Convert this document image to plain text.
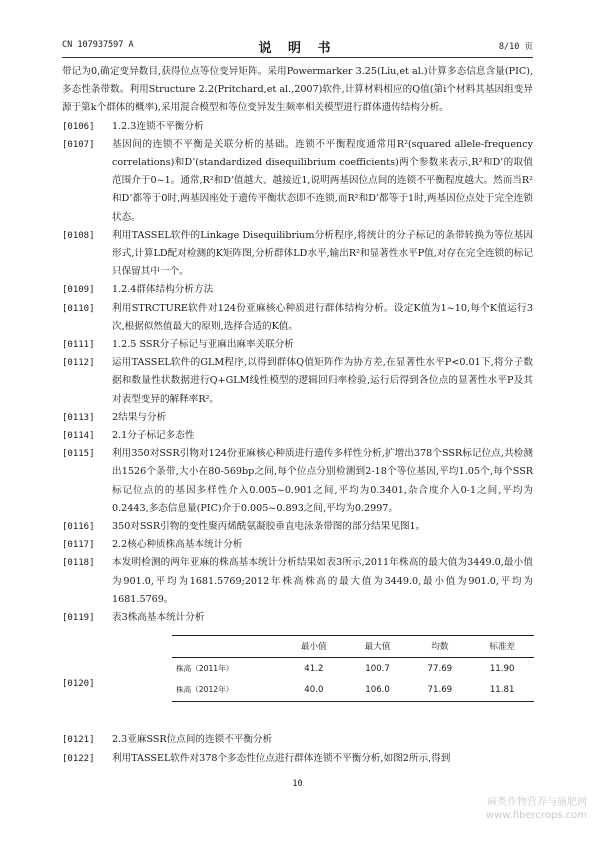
CN 107937597 A	说 明 书	8/10 页
带记为0,确定变异数目,获得位点等位变异矩阵。采用Powermarker 3.25(Liu,et al.)计算多态信息含量(PIC),多态性条带数。利用Structure 2.2(Pritchard,et al.,2007)软件,计算材料相应的Q值(第i个材料其基因组变异源于第k个群体的概率),采用混合模型和等位变异发生频率相关模型进行群体遗传结构分析。
[0106] 1.2.3连锁不平衡分析
[0107] 基因间的连锁不平衡是关联分析的基础。连锁不平衡程度通常用R²(squared allele-frequency correlations)和D’(standardized disequilibrium coefficients)两个参数来表示,R²和D’的取值范围介于0~1。通常,R²和D’值越大、越接近1,说明两基因位点间的连锁不平衡程度越大。然而当R²和D’都等于0时,两基因座处于遗传平衡状态即不连锁,而R²和D’都等于1时,两基因位点处于完全连锁状态。
[0108] 利用TASSEL软件的Linkage Disequilibrium分析程序,将统计的分子标记的条带转换为等位基因形式,计算LD配对检测的K矩阵图,分析群体LD水平,输出R²和显著性水平P值,对存在完全连锁的标记只保留其中一个。
[0109] 1.2.4群体结构分析方法
[0110] 利用STRCTURE软件对124份亚麻核心种质进行群体结构分析。设定K值为1~10,每个K值运行3次,根据似然值最大的原则,选择合适的K值。
[0111] 1.2.5 SSR分子标记与亚麻出麻率关联分析
[0112] 运用TASSEL软件的GLM程序,以得到群体Q值矩阵作为协方差,在显著性水平P<0.01下,将分子数据和数量性状数据进行Q+GLM线性模型的逻辑回归率检验,运行后得到各位点的显著性水平P及其对表型变异的解释率R²。
[0113] 2结果与分析
[0114] 2.1分子标记多态性
[0115] 利用350对SSR引物对124份亚麻核心种质进行遗传多样性分析,扩增出378个SSR标记位点,共检测出1526个条带,大小在80-569bp之间,每个位点分别检测到2-18个等位基因,平均1.05个,每个SSR标记位点的的基因多样性介入0.005~0.901之间,平均为0.3401,杂合度介入0-1之间,平均为0.2443,多态信息量(PIC)介于0.005~0.893之间,平均为0.2997。
[0116] 350对SSR引物的变性聚丙烯酰氨凝胶垂直电泳条带图的部分结果见图1。
[0117] 2.2核心种质株高基本统计分析
[0118] 本发明检测的两年亚麻的株高基本统计分析结果如表3所示,2011年株高的最大值为3449.0,最小值为901.0,平均为1681.5769;2012年株高株高的最大值为3449.0,最小值为901.0,平均为1681.5769。
[0119] 表3株高基本统计分析
[0120]
	最小值	最大值	均数	标准差
株高（2011年）	41.2	100.7	77.69	11.90
株高（2012年）	40.0	106.0	71.69	11.81
[0121] 2.3亚麻SSR位点间的连锁不平衡分析
[0122] 利用TASSEL软件对378个多态性位点进行群体连锁不平衡分析,如图2所示,得到
10
麻类作物营养与施肥网
www.fibercrops.com
